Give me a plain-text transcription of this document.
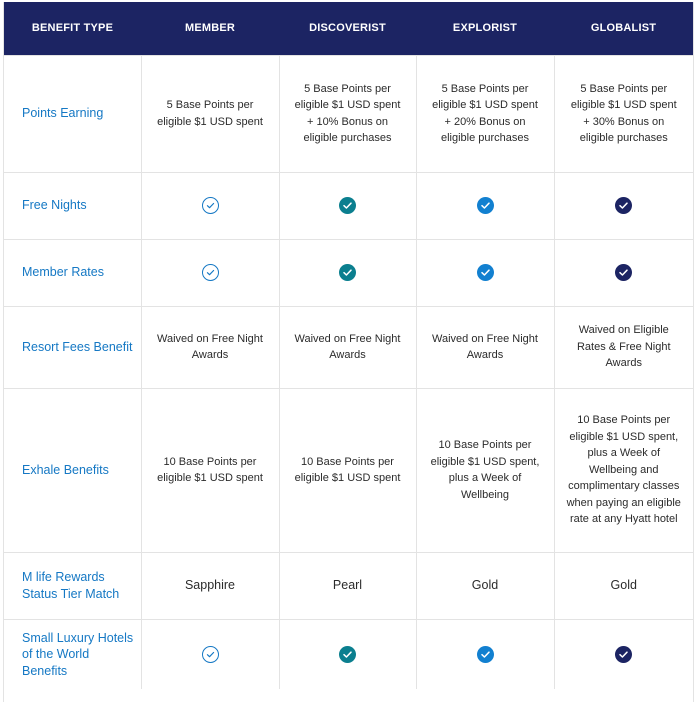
BENEFIT TYPE	MEMBER	DISCOVERIST	EXPLORIST	GLOBALIST
Points Earning	5 Base Points per eligible $1 USD spent	5 Base Points per eligible $1 USD spent + 10% Bonus on eligible purchases	5 Base Points per eligible $1 USD spent + 20% Bonus on eligible purchases	5 Base Points per eligible $1 USD spent + 30% Bonus on eligible purchases
Free Nights	

Member Rates	

Resort Fees Benefit	Waived on Free Night Awards	Waived on Free Night Awards	Waived on Free Night Awards	Waived on Eligible Rates & Free Night Awards
Exhale Benefits	10 Base Points per eligible $1 USD spent	10 Base Points per eligible $1 USD spent	10 Base Points per eligible $1 USD spent, plus a Week of Wellbeing	10 Base Points per eligible $1 USD spent, plus a Week of Wellbeing and complimentary classes when paying an eligible rate at any Hyatt hotel
M life Rewards Status Tier Match	Sapphire	Pearl	Gold	Gold
Small Luxury Hotels of the World Benefits	
